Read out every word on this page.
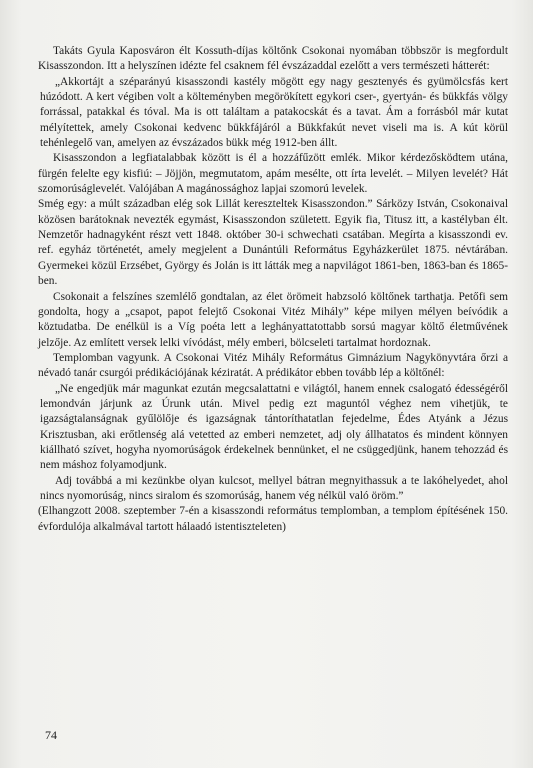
Takáts Gyula Kaposváron élt Kossuth-díjas költőnk Csokonai nyomában többször is megfordult Kisasszondon. Itt a helyszínen idézte fel csaknem fél évszázaddal ezelőtt a vers természeti hátterét:

„Akkortájt a széparányú kisasszondi kastély mögött egy nagy gesztenyés és gyümölcsfás kert húzódott. A kert végiben volt a költeményben megörökített egykori cser-, gyertyán- és bükkfás völgy forrással, patakkal és tóval. Ma is ott találtam a patakocskát és a tavat. Ám a forrásból már kutat mélyítettek, amely Csokonai kedvenc bükkfájáról a Bükkfakút nevet viseli ma is. A kút körül tehénlegelő van, amelyen az évszázados bükk még 1912-ben állt.

Kisasszondon a legfiatalabbak között is él a hozzáfűzött emlék. Mikor kérdezősködtem utána, fürgén felelte egy kisfiú: – Jöjjön, megmutatom, apám mesélte, ott írta levelét. – Milyen levelét? Hát szomorúságlevelét. Valójában A magánossághoz lapjai szomorú levelek.

Smég egy: a múlt században elég sok Lillát kereszteltek Kisasszondon.” Sárközy István, Csokonaival közösen barátoknak nevezték egymást, Kisasszondon született. Egyik fia, Titusz itt, a kastélyban élt. Nemzetőr hadnagyként részt vett 1848. október 30-i schwechati csatában. Megírta a kisasszondi ev. ref. egyház történetét, amely megjelent a Dunántúli Református Egyházkerület 1875. névtárában. Gyermekei közül Erzsébet, György és Jolán is itt látták meg a napvilágot 1861-ben, 1863-ban és 1865-ben.

Csokonait a felszínes szemlélő gondtalan, az élet örömeit habzsoló költőnek tarthatja. Petőfi sem gondolta, hogy a „csapot, papot felejtő Csokonai Vitéz Mihály” képe milyen mélyen beívódik a köztudatba. De enélkül is a Víg poéta lett a leghányattatottabb sorsú magyar költő életművének jelzője. Az említett versek lelki vívódást, mély emberi, bölcseleti tartalmat hordoznak.

Templomban vagyunk. A Csokonai Vitéz Mihály Református Gimnázium Nagykönyvtára őrzi a névadó tanár csurgói prédikációjának kéziratát. A prédikátor ebben tovább lép a költőnél:

„Ne engedjük már magunkat ezután megcsalattatni e világtól, hanem ennek csalogató édességéről lemondván járjunk az Úrunk után. Mivel pedig ezt maguntól véghez nem vihetjük, te igazságtalanságnak gyűlölője és igazságnak tántoríthatatlan fejedelme, Édes Atyánk a Jézus Krisztusban, aki erőtlenség alá vetetted az emberi nemzetet, adj oly állhatatos és mindent könnyen kiállható szívet, hogyha nyomorúságok érdekelnek bennünket, el ne csüggedjünk, hanem tehozzád és nem máshoz folyamodjunk.

Adj továbbá a mi kezünkbe olyan kulcsot, mellyel bátran megnyithassuk a te lakóhelyedet, ahol nincs nyomorúság, nincs siralom és szomorúság, hanem vég nélkül való öröm.”

(Elhangzott 2008. szeptember 7-én a kisasszondi református templomban, a templom építésének 150. évfordulója alkalmával tartott hálaadó istentiszteleten)

74
